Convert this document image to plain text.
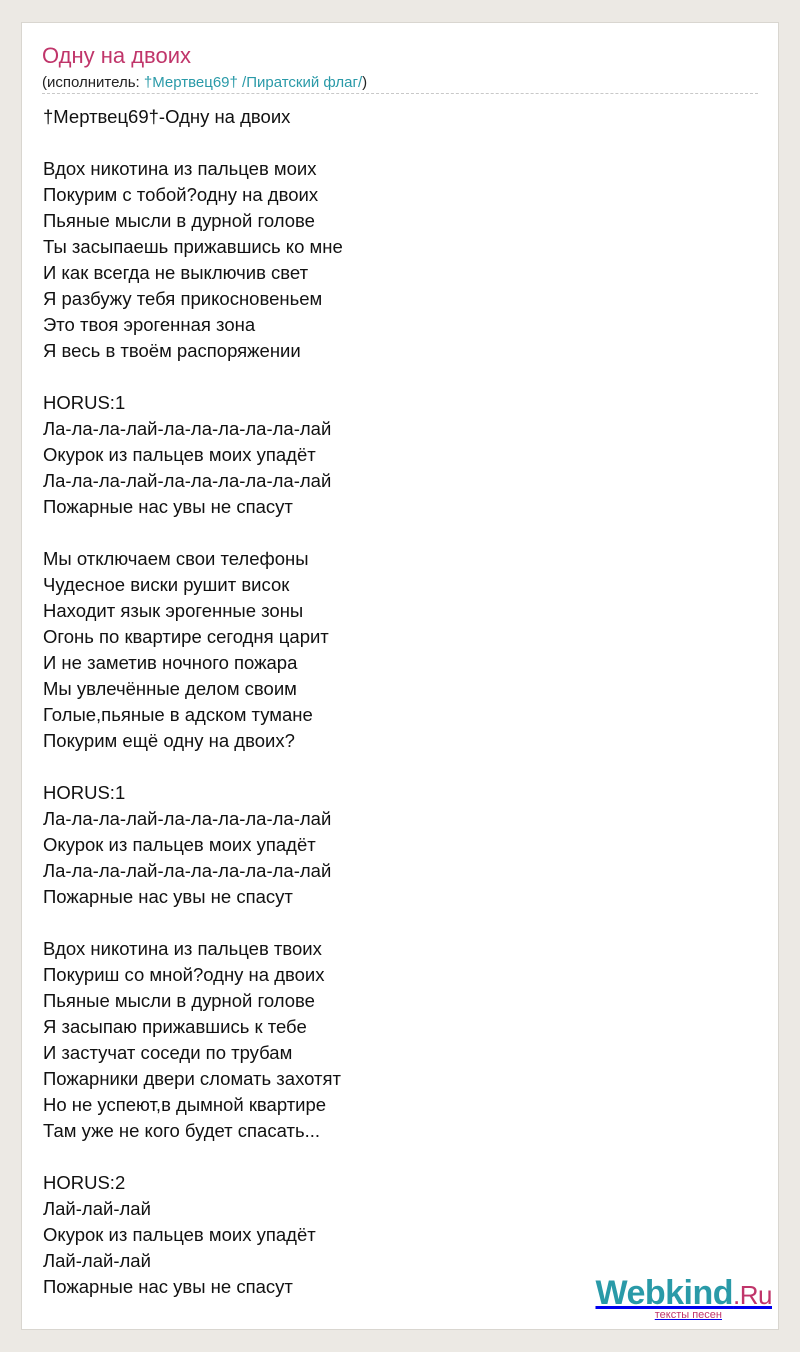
Одну на двоих
(исполнитель: †Мертвец69† /Пиратский флаг/)
†Мертвец69†-Одну на двоих
Вдох никотина из пальцев моих
Покурим с тобой?одну на двоих
Пьяные мысли в дурной голове
Ты засыпаешь прижавшись ко мне
И как всегда не выключив свет
Я разбужу тебя прикосновеньем
Это твоя эрогенная зона
Я весь в твоём распоряжении
HORUS:1
Ла-ла-ла-лай-ла-ла-ла-ла-ла-лай
Окурок из пальцев моих упадёт
Ла-ла-ла-лай-ла-ла-ла-ла-ла-лай
Пожарные нас увы не спасут
Мы отключаем свои телефоны
Чудесное виски рушит висок
Находит язык эрогенные зоны
Огонь по квартире сегодня царит
И не заметив ночного пожара
Мы увлечённые делом своим
Голые,пьяные в адском тумане
Покурим ещё одну на двоих?
HORUS:1
Ла-ла-ла-лай-ла-ла-ла-ла-ла-лай
Окурок из пальцев моих упадёт
Ла-ла-ла-лай-ла-ла-ла-ла-ла-лай
Пожарные нас увы не спасут
Вдох никотина из пальцев твоих
Покуриш со мной?одну на двоих
Пьяные мысли в дурной голове
Я засыпаю прижавшись к тебе
И застучат соседи по трубам
Пожарники двери сломать захотят
Но не успеют,в дымной квартире
Там уже не кого будет спасать...
HORUS:2
Лай-лай-лай
Окурок из пальцев моих упадёт
Лай-лай-лай
Пожарные нас увы не спасут	Webkind.Ru
тексты песен
